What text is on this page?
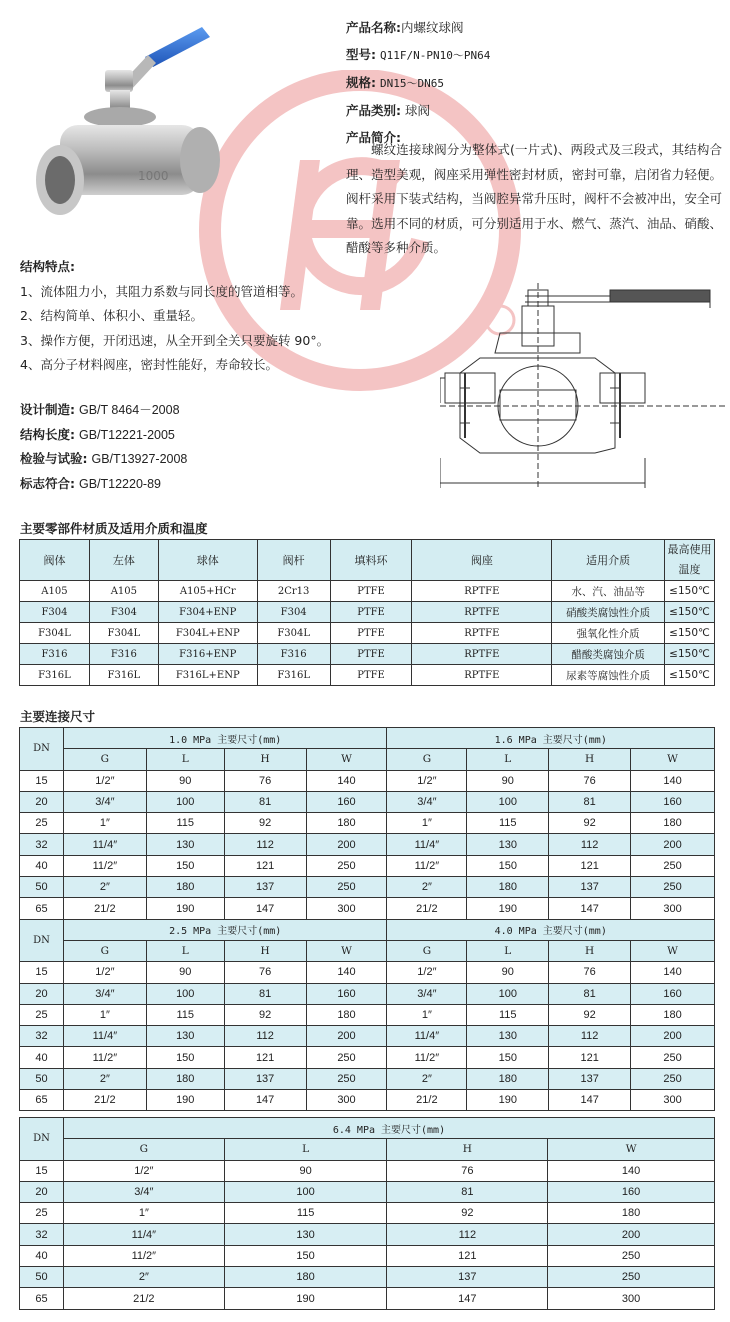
1000
产品名称:内螺纹球阀
型号: Q11F/N-PN10～PN64
规格: DN15～DN65
产品类别: 球阀
产品简介:
螺纹连接球阀分为整体式(一片式)、两段式及三段式，其结构合理、造型美观，阀座采用弹性密封材质，密封可靠，启闭省力轻便。阀杆采用下装式结构，当阀腔异常升压时，阀杆不会被冲出，安全可靠。选用不同的材质，可分别适用于水、燃气、蒸汽、油品、硝酸、醋酸等多种介质。
结构特点:
1、流体阻力小，其阻力系数与同长度的管道相等。
2、结构简单、体积小、重量轻。
3、操作方便，开闭迅速，从全开到全关只要旋转 90°。
4、高分子材料阀座，密封性能好，寿命较长。
设计制造: GB/T 8464－2008
结构长度: GB/T12221-2005
检验与试验: GB/T13927-2008
标志符合: GB/T12220-89
主要零部件材质及适用介质和温度
阀体	左体	球体	阀杆	填料环	阀座	适用介质	最高使用温度
A105	A105	A105+HCr	2Cr13	PTFE	RPTFE	水、汽、油品等	≤150℃
F304	F304	F304+ENP	F304	PTFE	RPTFE	硝酸类腐蚀性介质	≤150℃
F304L	F304L	F304L+ENP	F304L	PTFE	RPTFE	强氧化性介质	≤150℃
F316	F316	F316+ENP	F316	PTFE	RPTFE	醋酸类腐蚀介质	≤150℃
F316L	F316L	F316L+ENP	F316L	PTFE	RPTFE	尿素等腐蚀性介质	≤150℃
主要连接尺寸
DN	1.0 MPa 主要尺寸(mm)				1.6 MPa 主要尺寸(mm)			
	G	L	H	W	G	L	H	W
15	1/2″	90	76	140	1/2″	90	76	140
20	3/4″	100	81	160	3/4″	100	81	160
25	1″	115	92	180	1″	115	92	180
32	11/4″	130	112	200	11/4″	130	112	200
40	11/2″	150	121	250	11/2″	150	121	250
50	2″	180	137	250	2″	180	137	250
65	21/2	190	147	300	21/2	190	147	300
DN	2.5 MPa 主要尺寸(mm)				4.0 MPa 主要尺寸(mm)			
	G	L	H	W	G	L	H	W
15	1/2″	90	76	140	1/2″	90	76	140
20	3/4″	100	81	160	3/4″	100	81	160
25	1″	115	92	180	1″	115	92	180
32	11/4″	130	112	200	11/4″	130	112	200
40	11/2″	150	121	250	11/2″	150	121	250
50	2″	180	137	250	2″	180	137	250
65	21/2	190	147	300	21/2	190	147	300
DN	6.4 MPa 主要尺寸(mm)			
	G	L	H	W
15	1/2″	90	76	140
20	3/4″	100	81	160
25	1″	115	92	180
32	11/4″	130	112	200
40	11/2″	150	121	250
50	2″	180	137	250
65	21/2	190	147	300
